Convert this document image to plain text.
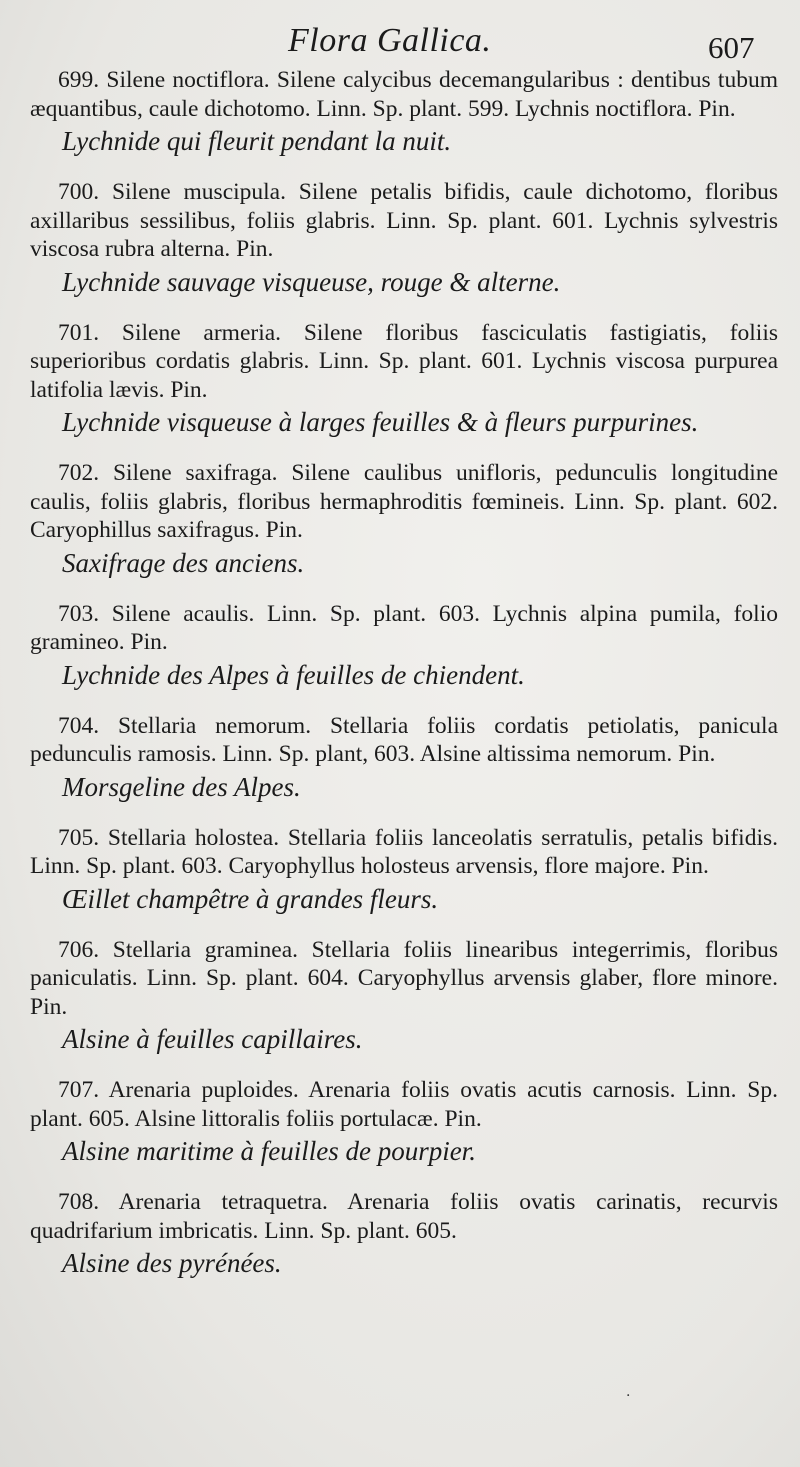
Flora Gallica.	607

699. Silene noctiflora. Silene calycibus decemangularibus : dentibus tubum æquantibus, caule dichotomo. Linn. Sp. plant. 599. Lychnis noctiflora. Pin.

Lychnide qui fleurit pendant la nuit.

700. Silene muscipula. Silene petalis bifidis, caule dichotomo, floribus axillaribus sessilibus, foliis glabris. Linn. Sp. plant. 601. Lychnis sylvestris viscosa rubra alterna. Pin.

Lychnide sauvage visqueuse, rouge & alterne.

701. Silene armeria. Silene floribus fasciculatis fastigiatis, foliis superioribus cordatis glabris. Linn. Sp. plant. 601. Lychnis viscosa purpurea latifolia lævis. Pin.

Lychnide visqueuse à larges feuilles & à fleurs purpurines.

702. Silene saxifraga. Silene caulibus unifloris, pedunculis longitudine caulis, foliis glabris, floribus hermaphroditis fœmineis. Linn. Sp. plant. 602. Caryophillus saxifragus. Pin.

Saxifrage des anciens.

703. Silene acaulis. Linn. Sp. plant. 603. Lychnis alpina pumila, folio gramineo. Pin.

Lychnide des Alpes à feuilles de chiendent.

704. Stellaria nemorum. Stellaria foliis cordatis petiolatis, panicula pedunculis ramosis. Linn. Sp. plant, 603. Alsine altissima nemorum. Pin.

Morsgeline des Alpes.

705. Stellaria holostea. Stellaria foliis lanceolatis serratulis, petalis bifidis. Linn. Sp. plant. 603. Caryophyllus holosteus arvensis, flore majore. Pin.

Œillet champêtre à grandes fleurs.

706. Stellaria graminea. Stellaria foliis linearibus integerrimis, floribus paniculatis. Linn. Sp. plant. 604. Caryophyllus arvensis glaber, flore minore. Pin.

Alsine à feuilles capillaires.

707. Arenaria puploides. Arenaria foliis ovatis acutis carnosis. Linn. Sp. plant. 605. Alsine littoralis foliis portulacæ. Pin.

Alsine maritime à feuilles de pourpier.

708. Arenaria tetraquetra. Arenaria foliis ovatis carinatis, recurvis quadrifarium imbricatis. Linn. Sp. plant. 605.

Alsine des pyrénées.

·
